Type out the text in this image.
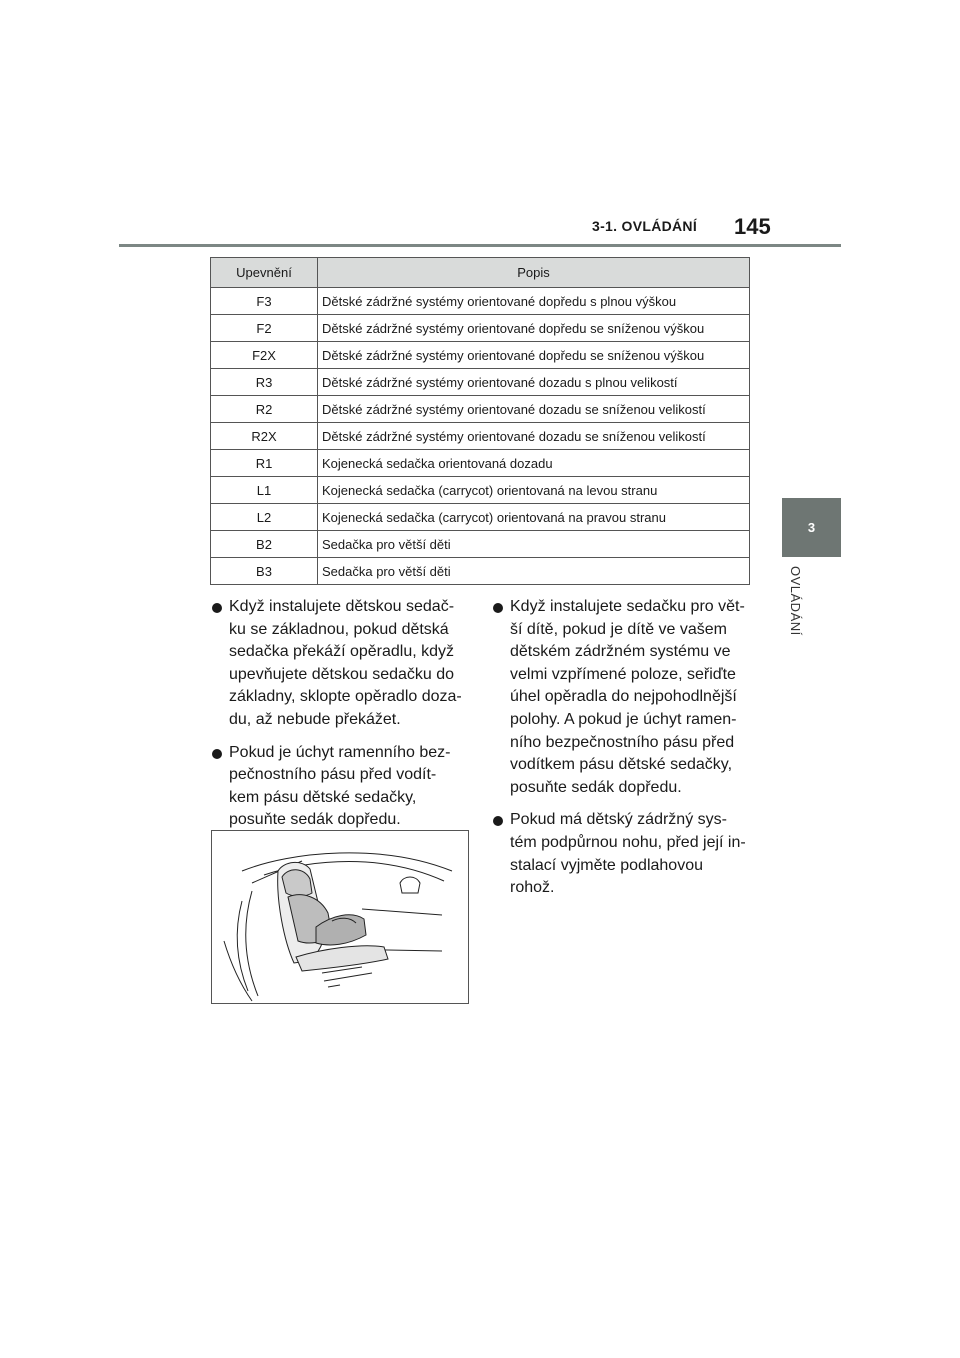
3-1. OVLÁDÁNÍ 145
3
OVLÁDÁNÍ
Upevnění	Popis
F3	Dětské zádržné systémy orientované dopředu s plnou výškou
F2	Dětské zádržné systémy orientované dopředu se sníženou výškou
F2X	Dětské zádržné systémy orientované dopředu se sníženou výškou
R3	Dětské zádržné systémy orientované dozadu s plnou velikostí
R2	Dětské zádržné systémy orientované dozadu se sníženou velikostí
R2X	Dětské zádržné systémy orientované dozadu se sníženou velikostí
R1	Kojenecká sedačka orientovaná dozadu
L1	Kojenecká sedačka (carrycot) orientovaná na levou stranu
L2	Kojenecká sedačka (carrycot) orientovaná na pravou stranu
B2	Sedačka pro větší děti
B3	Sedačka pro větší děti
Když instalujete dětskou sedač-
ku se základnou, pokud dětská
sedačka překáží opěradlu, když
upevňujete dětskou sedačku do
základny, sklopte opěradlo doza-
du, až nebude překážet.
Pokud je úchyt ramenního bez-
pečnostního pásu před vodít-
kem pásu dětské sedačky,
posuňte sedák dopředu.
Když instalujete sedačku pro vět-
ší dítě, pokud je dítě ve vašem
dětském zádržném systému ve
velmi vzpřímené poloze, seřiďte
úhel opěradla do nejpohodlnější
polohy. A pokud je úchyt ramen-
ního bezpečnostního pásu před
vodítkem pásu dětské sedačky,
posuňte sedák dopředu.
Pokud má dětský zádržný sys-
tém podpůrnou nohu, před její in-
stalací vyjměte podlahovou
rohož.
